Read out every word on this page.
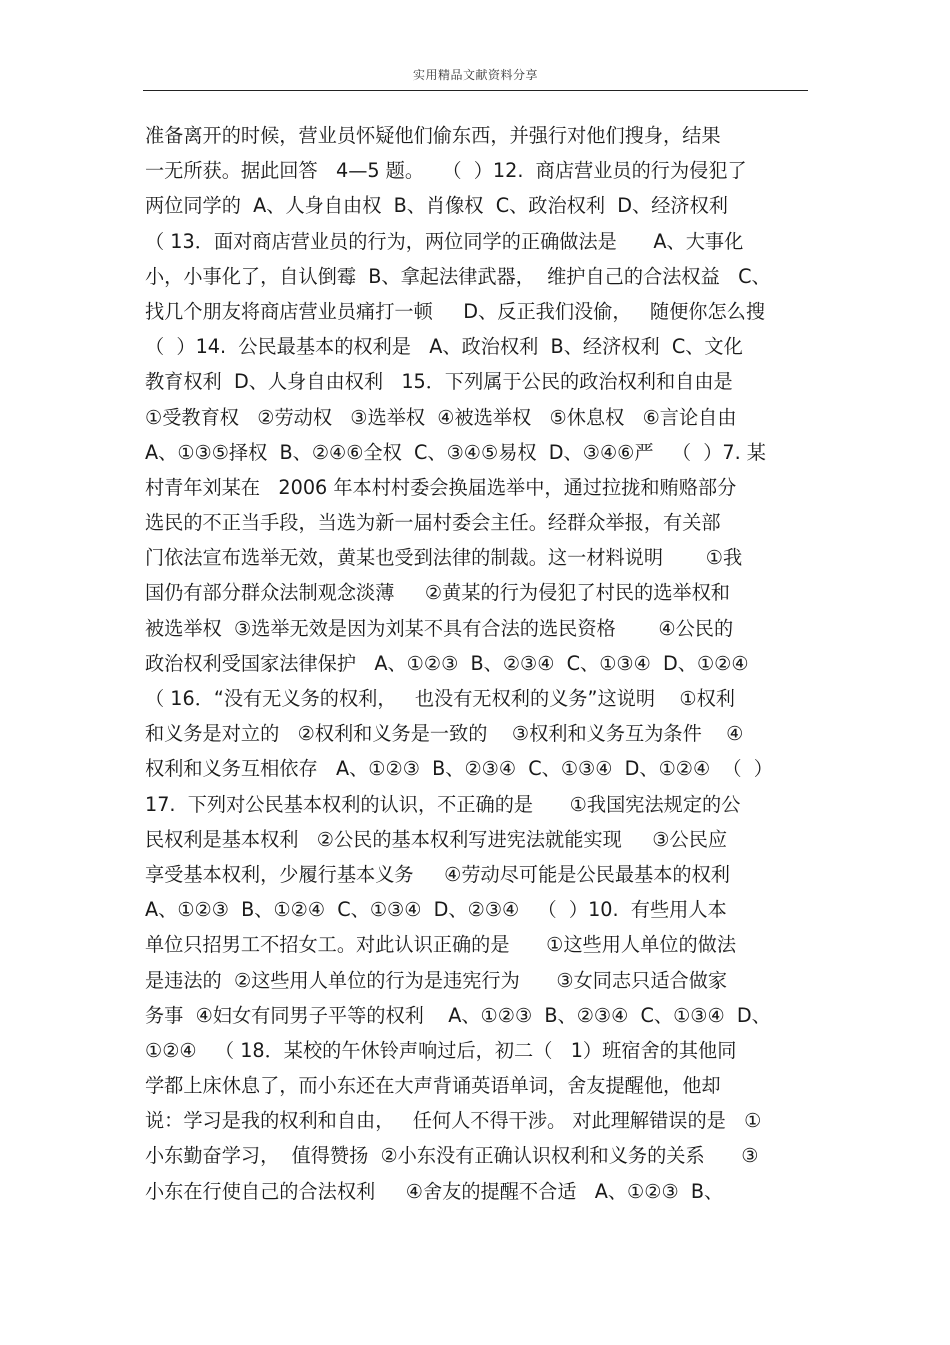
实用精品文献资料分享
准备离开的时候，营业员怀疑他们偷东西，并强行对他们搜身，结果
一无所获。据此回答   4—5 题。   （  ）12.  商店营业员的行为侵犯了
两位同学的  A、人身自由权  B、肖像权  C、政治权利  D、经济权利
（ 13．面对商店营业员的行为，两位同学的正确做法是      A、大事化
小，小事化了，自认倒霉  B、拿起法律武器，  维护自己的合法权益   C、
找几个朋友将商店营业员痛打一顿     D、反正我们没偷，   随便你怎么搜
（  ）14.  公民最基本的权利是   A、政治权利  B、经济权利  C、文化
教育权利  D、人身自由权利   15．下列属于公民的政治权利和自由是
①受教育权   ②劳动权   ③选举权  ④被选举权   ⑤休息权   ⑥言论自由
A、①③⑤择权  B、②④⑥全权  C、③④⑤易权  D、③④⑥严   （  ）7. 某
村青年刘某在   2006 年本村村委会换届选举中，通过拉拢和贿赂部分
选民的不正当手段，当选为新一届村委会主任。经群众举报，有关部
门依法宣布选举无效，黄某也受到法律的制裁。这一材料说明       ①我
国仍有部分群众法制观念淡薄     ②黄某的行为侵犯了村民的选举权和
被选举权  ③选举无效是因为刘某不具有合法的选民资格       ④公民的
政治权利受国家法律保护   A、①②③  B、②③④  C、①③④  D、①②④
（ 16．“没有无义务的权利，   也没有无权利的义务”这说明    ①权利
和义务是对立的   ②权利和义务是一致的    ③权利和义务互为条件    ④
权利和义务互相依存   A、①②③  B、②③④  C、①③④  D、①②④  （  ）
17.  下列对公民基本权利的认识，不正确的是      ①我国宪法规定的公
民权利是基本权利   ②公民的基本权利写进宪法就能实现     ③公民应
享受基本权利，少履行基本义务     ④劳动尽可能是公民最基本的权利
A、①②③  B、①②④  C、①③④  D、②③④   （  ）10.  有些用人本
单位只招男工不招女工。对此认识正确的是      ①这些用人单位的做法
是违法的  ②这些用人单位的行为是违宪行为      ③女同志只适合做家
务事  ④妇女有同男子平等的权利    A、①②③  B、②③④  C、①③④  D、
①②④   （ 18．某校的午休铃声响过后，初二（   1）班宿舍的其他同
学都上床休息了，而小东还在大声背诵英语单词，舍友提醒他，他却
说：学习是我的权利和自由，   任何人不得干涉。 对此理解错误的是   ①
小东勤奋学习，  值得赞扬  ②小东没有正确认识权利和义务的关系      ③
小东在行使自己的合法权利     ④舍友的提醒不合适   A、①②③  B、
